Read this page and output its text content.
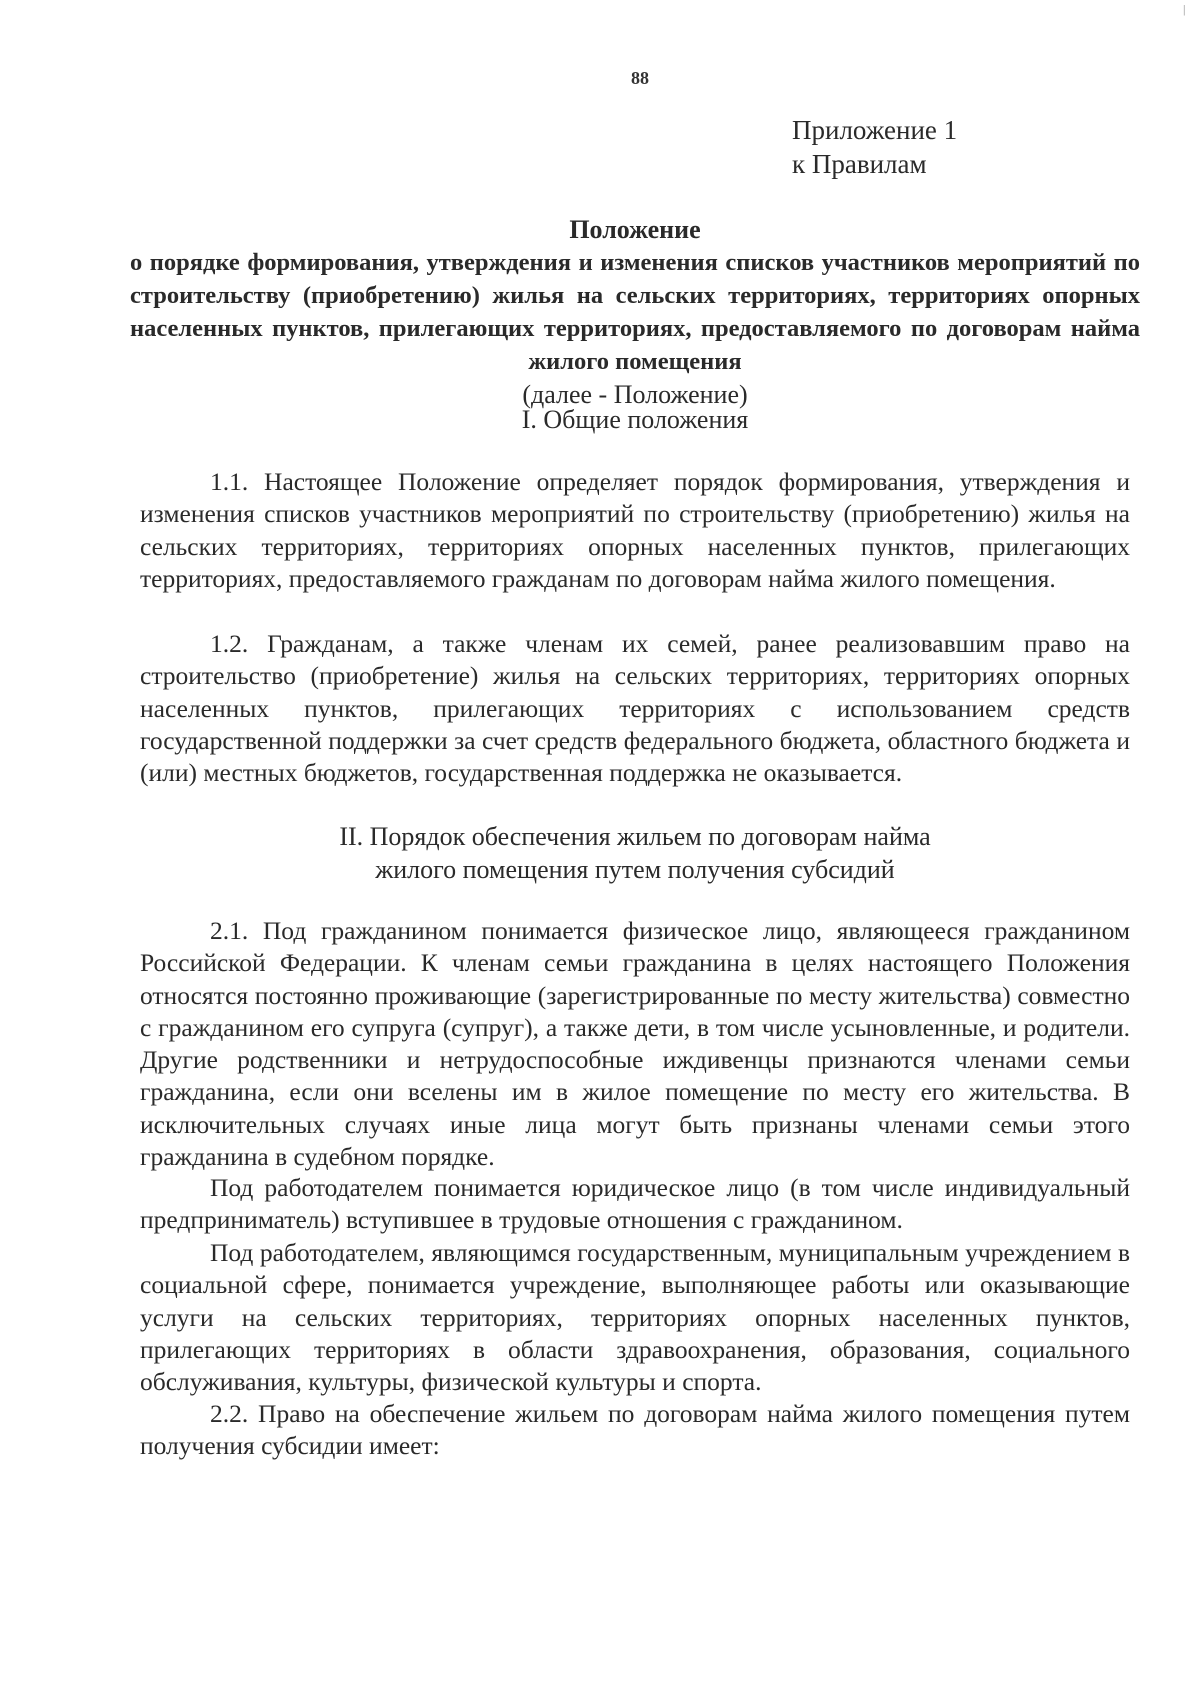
88
Приложение 1
к Правилам
Положение
о порядке формирования, утверждения и изменения списков участников мероприятий по строительству (приобретению) жилья на сельских территориях, территориях опорных населенных пунктов, прилегающих территориях, предоставляемого по договорам найма жилого помещения
(далее - Положение)
I. Общие положения
1.1. Настоящее Положение определяет порядок формирования, утверждения и изменения списков участников мероприятий по строительству (приобретению) жилья на сельских территориях, территориях опорных населенных пунктов, прилегающих территориях, предоставляемого гражданам по договорам найма жилого помещения.
1.2. Гражданам, а также членам их семей, ранее реализовавшим право на строительство (приобретение) жилья на сельских территориях, территориях опорных населенных пунктов, прилегающих территориях с использованием средств государственной поддержки за счет средств федерального бюджета, областного бюджета и (или) местных бюджетов, государственная поддержка не оказывается.
II. Порядок обеспечения жильем по договорам найма
жилого помещения путем получения субсидий
2.1. Под гражданином понимается физическое лицо, являющееся гражданином Российской Федерации. К членам семьи гражданина в целях настоящего Положения относятся постоянно проживающие (зарегистрированные по месту жительства) совместно с гражданином его супруга (супруг), а также дети, в том числе усыновленные, и родители. Другие родственники и нетрудоспособные иждивенцы признаются членами семьи гражданина, если они вселены им в жилое помещение по месту его жительства. В исключительных случаях иные лица могут быть признаны членами семьи этого гражданина в судебном порядке.
Под работодателем понимается юридическое лицо (в том числе индивидуальный предприниматель) вступившее в трудовые отношения с гражданином.
Под работодателем, являющимся государственным, муниципальным учреждением в социальной сфере, понимается учреждение, выполняющее работы или оказывающие услуги на сельских территориях, территориях опорных населенных пунктов, прилегающих территориях в области здравоохранения, образования, социального обслуживания, культуры, физической культуры и спорта.
2.2. Право на обеспечение жильем по договорам найма жилого помещения путем получения субсидии имеет:
|
